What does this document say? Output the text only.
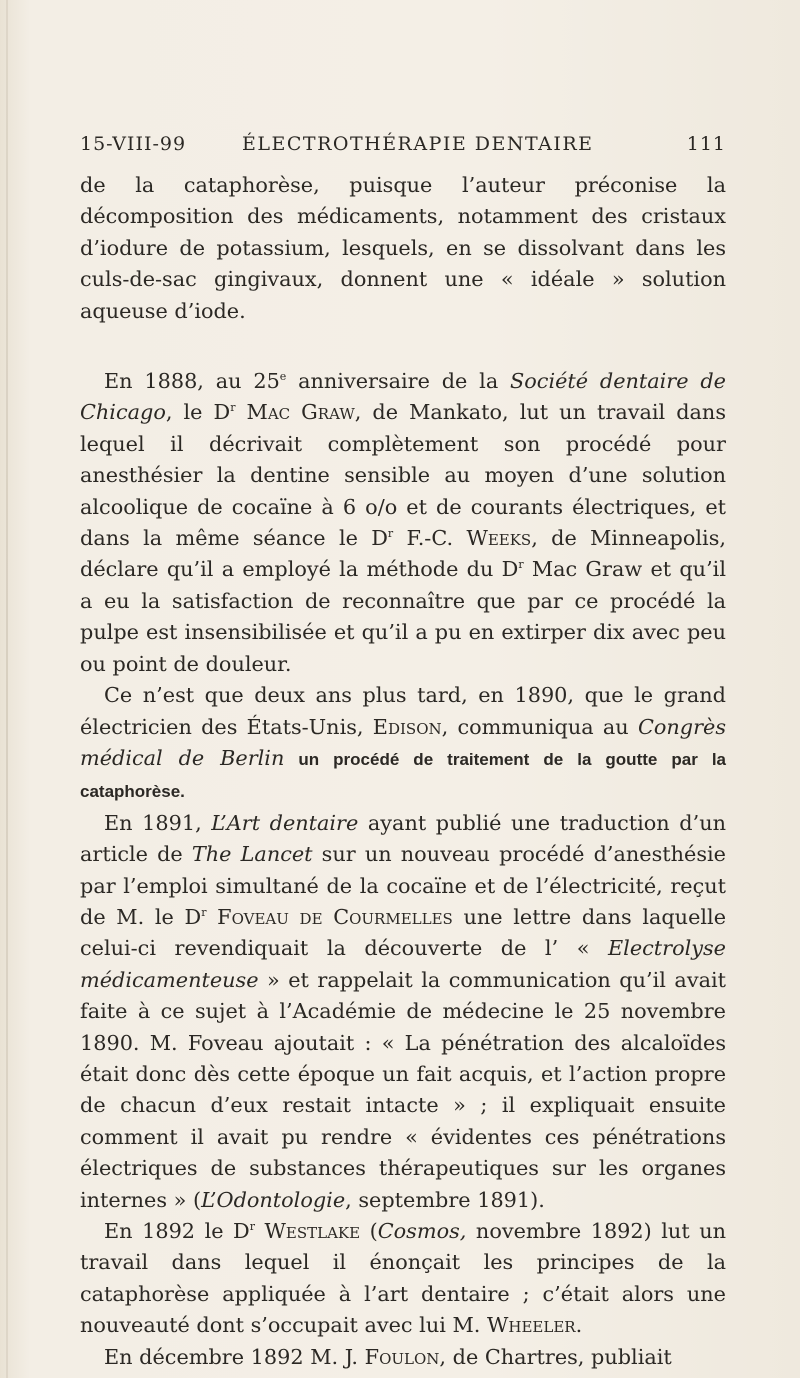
15-VIII-99	ÉLECTROTHÉRAPIE DENTAIRE	111

de la cataphorèse, puisque l’auteur préconise la décomposition des médicaments, notamment des cristaux d’iodure de potassium, lesquels, en se dissolvant dans les culs-de-sac gingivaux, donnent une « idéale » solution aqueuse d’iode.

En 1888, au 25e anniversaire de la Société dentaire de Chicago, le $D^r$ Mac Graw, de Mankato, lut un travail dans lequel il décrivait complètement son procédé pour anesthésier la dentine sensible au moyen d’une solution alcoolique de cocaïne à 6 o/o et de courants électriques, et dans la même séance le $D^r$ F.-C. Weeks, de Minneapolis, déclare qu’il a employé la méthode du $D^r$ Mac Graw et qu’il a eu la satisfaction de reconnaître que par ce procédé la pulpe est insensibilisée et qu’il a pu en extirper dix avec peu ou point de douleur.

Ce n’est que deux ans plus tard, en 1890, que le grand électricien des États-Unis, Edison, communiqua au Congrès médical de Berlin un procédé de traitement de la goutte par la cataphorèse.

En 1891, L’Art dentaire ayant publié une traduction d’un article de The Lancet sur un nouveau procédé d’anesthésie par l’emploi simultané de la cocaïne et de l’électricité, reçut de M. le $D^r$ Foveau de Courmelles une lettre dans laquelle celui-ci revendiquait la découverte de l’ « Electrolyse médicamenteuse » et rappelait la communication qu’il avait faite à ce sujet à l’Académie de médecine le 25 novembre 1890. M. Foveau ajoutait : « La pénétration des alcaloïdes était donc dès cette époque un fait acquis, et l’action propre de chacun d’eux restait intacte » ; il expliquait ensuite comment il avait pu rendre « évidentes ces pénétrations électriques de substances thérapeutiques sur les organes internes » (L’Odontologie, septembre 1891).

En 1892 le $D^r$ Westlake (Cosmos, novembre 1892) lut un travail dans lequel il énonçait les principes de la cataphorèse appliquée à l’art dentaire ; c’était alors une nouveauté dont s’occupait avec lui M. Wheeler.

En décembre 1892 M. J. Foulon, de Chartres, publiait
